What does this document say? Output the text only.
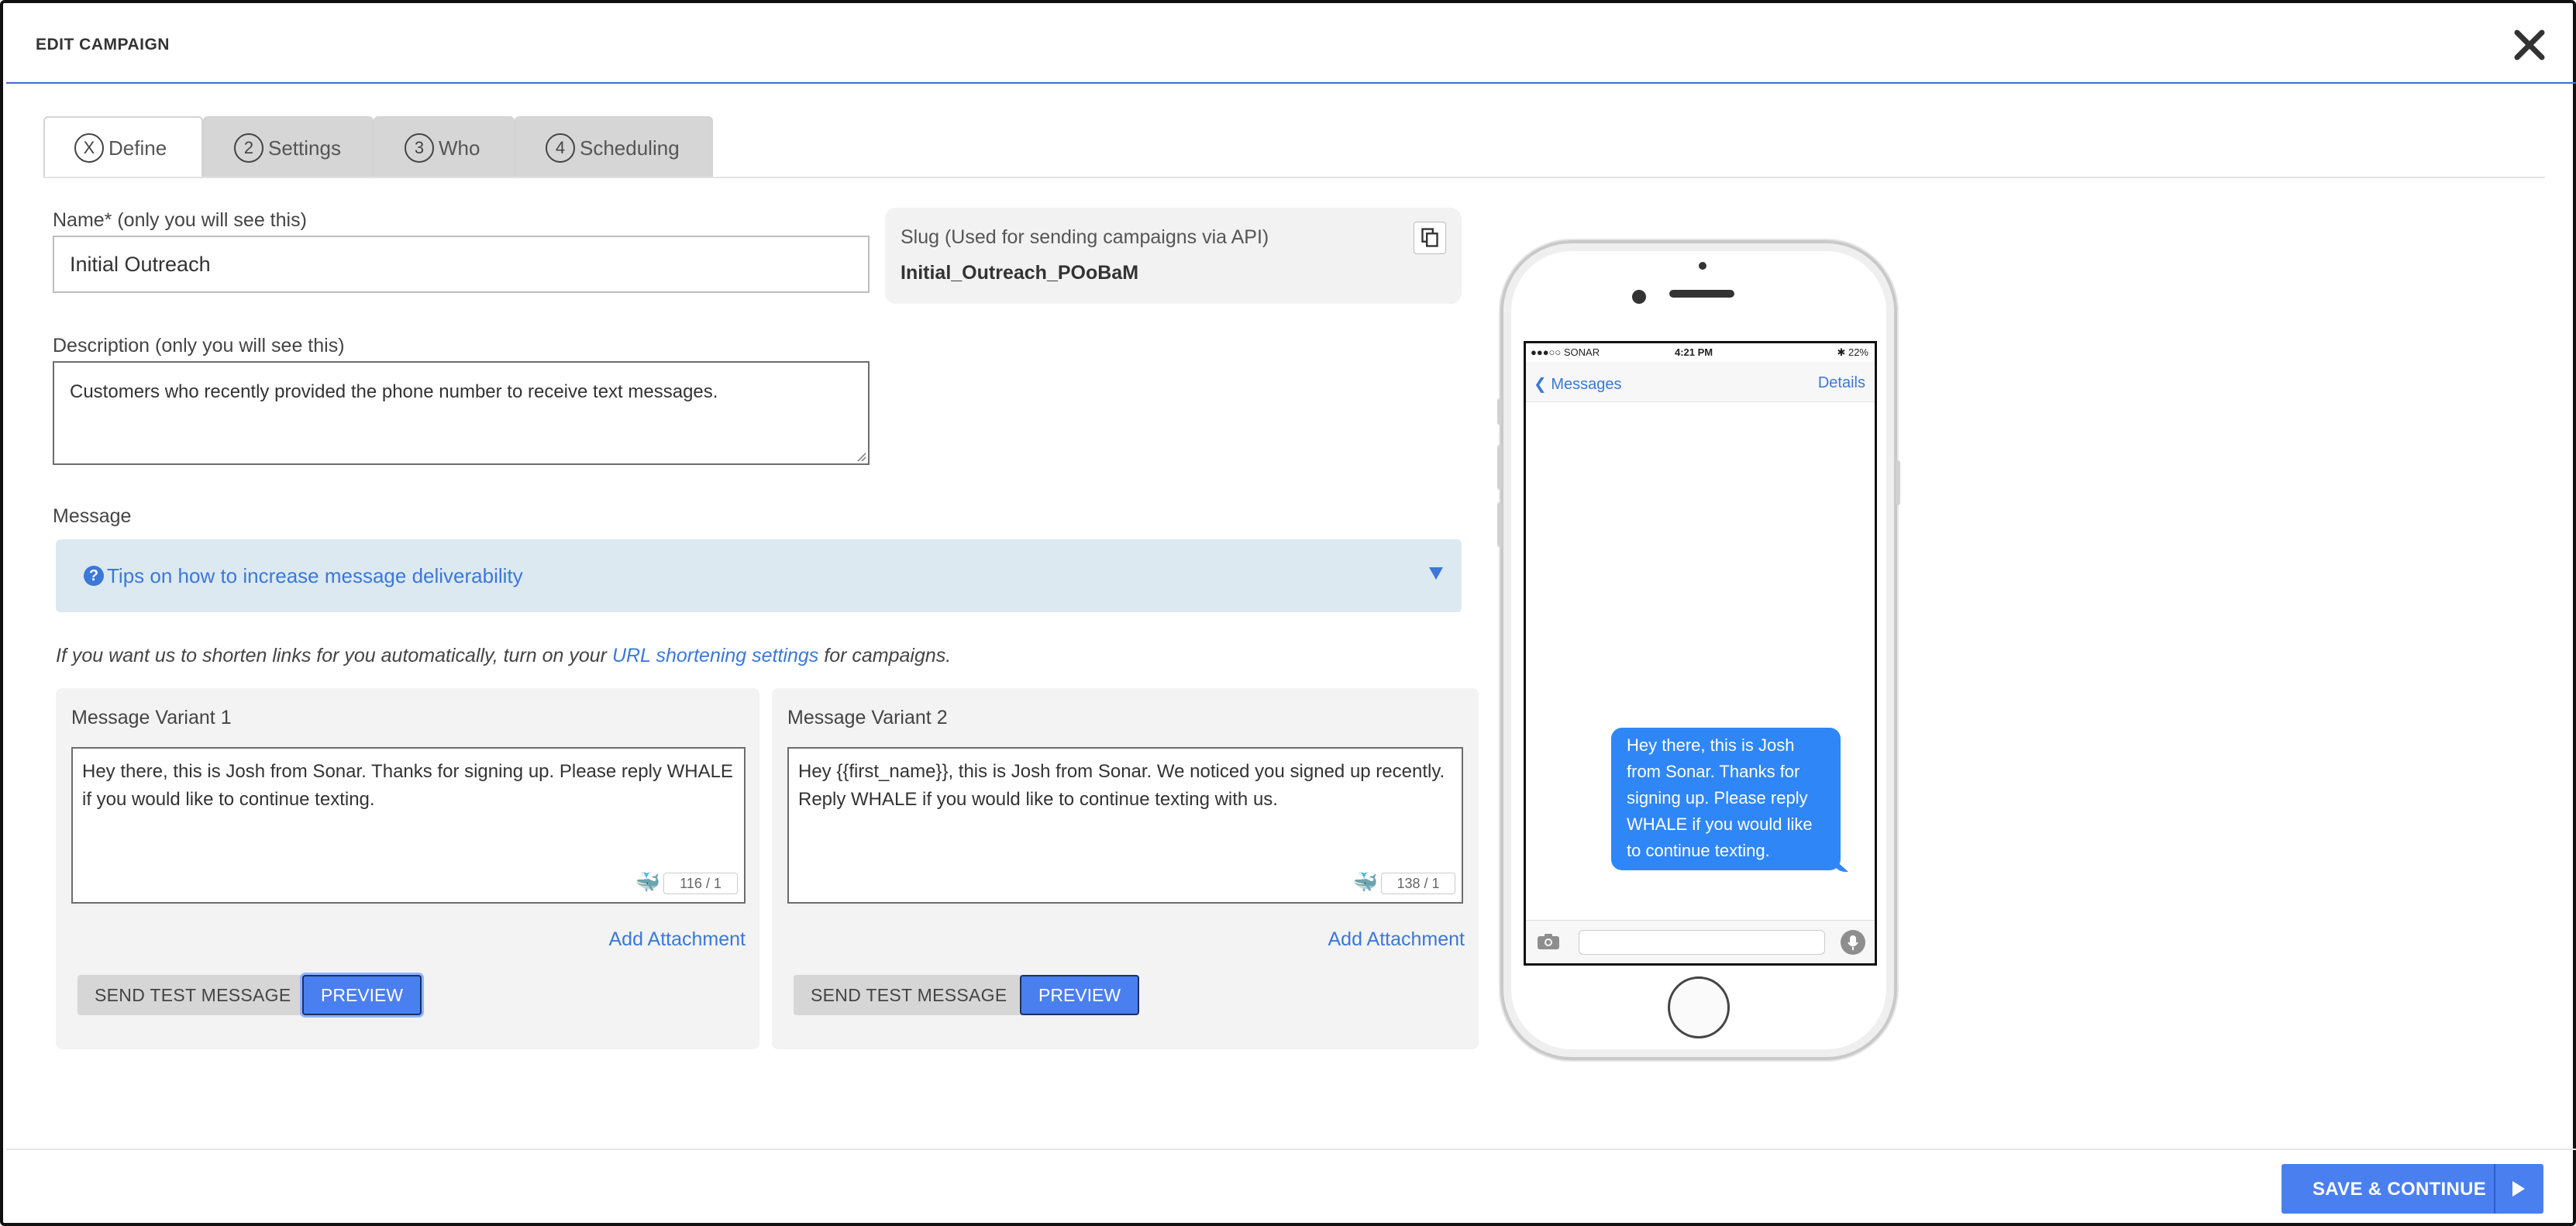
EDIT CAMPAIGN
X Define	2 Settings	3 Who	4 Scheduling
Name* (only you will see this)
Initial Outreach
Slug (Used for sending campaigns via API)
Initial_Outreach_POoBaM
Description (only you will see this)
Customers who recently provided the phone number to receive text messages.
Message
? Tips on how to increase message deliverability
If you want us to shorten links for you automatically, turn on your URL shortening settings for campaigns.
Message Variant 1
Hey there, this is Josh from Sonar. Thanks for signing up. Please reply WHALE if you would like to continue texting.
🐳	116 / 1
Add Attachment
SEND TEST MESSAGE	PREVIEW
Message Variant 2
Hey {{first_name}}, this is Josh from Sonar. We noticed you signed up recently. Reply WHALE if you would like to continue texting with us.
🐳	138 / 1
Add Attachment
SEND TEST MESSAGE	PREVIEW
●●●○○ SONAR	4:21 PM	✱ 22%
❮ Messages	Details
Hey there, this is Josh from Sonar. Thanks for signing up. Please reply WHALE if you would like to continue texting.
SAVE & CONTINUE
